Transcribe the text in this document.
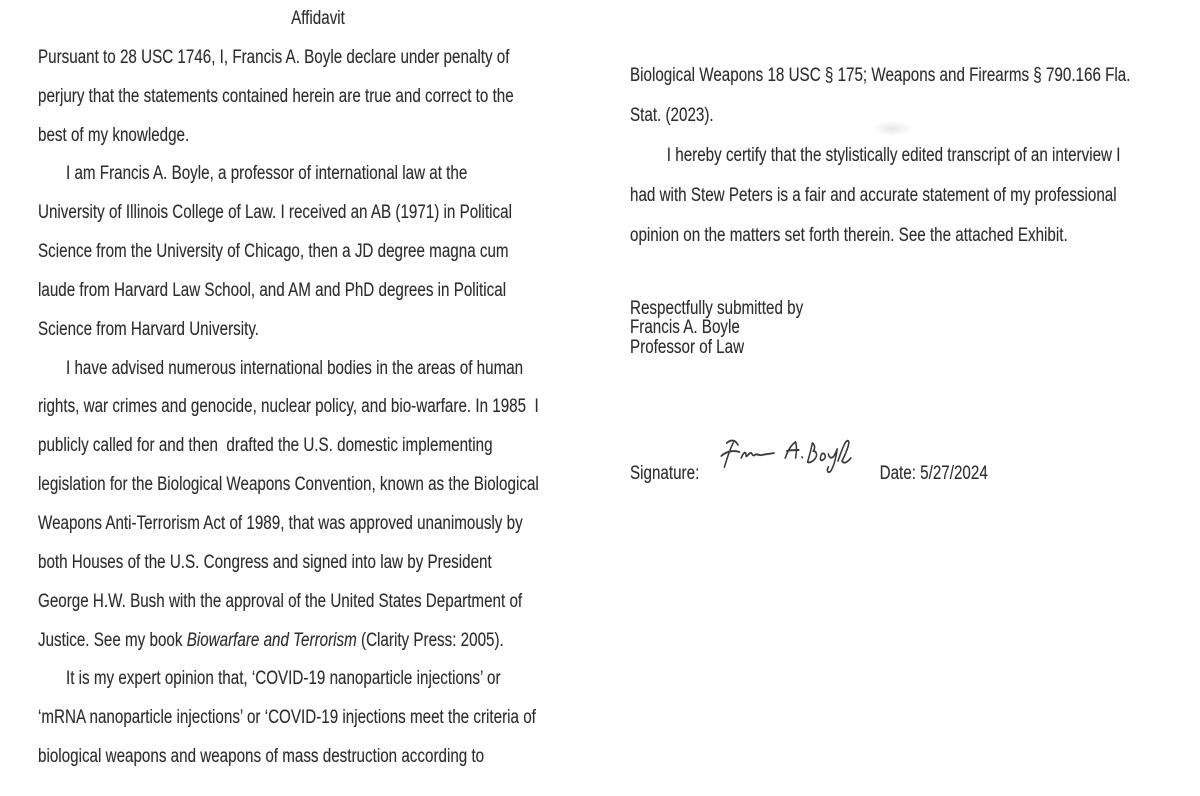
Affidavit
Pursuant to 28 USC 1746, I, Francis A. Boyle declare under penalty of
perjury that the statements contained herein are true and correct to the
best of my knowledge.
I am Francis A. Boyle, a professor of international law at the
University of Illinois College of Law. I received an AB (1971) in Political
Science from the University of Chicago, then a JD degree magna cum
laude from Harvard Law School, and AM and PhD degrees in Political
Science from Harvard University.
I have advised numerous international bodies in the areas of human
rights, war crimes and genocide, nuclear policy, and bio-warfare. In 1985  I
publicly called for and then  drafted the U.S. domestic implementing
legislation for the Biological Weapons Convention, known as the Biological
Weapons Anti-Terrorism Act of 1989, that was approved unanimously by
both Houses of the U.S. Congress and signed into law by President
George H.W. Bush with the approval of the United States Department of
Justice. See my book Biowarfare and Terrorism (Clarity Press: 2005).
It is my expert opinion that, ‘COVID-19 nanoparticle injections’ or
‘mRNA nanoparticle injections’ or ‘COVID-19 injections meet the criteria of
biological weapons and weapons of mass destruction according to
Biological Weapons 18 USC § 175; Weapons and Firearms § 790.166 Fla.
Stat. (2023).
I hereby certify that the stylistically edited transcript of an interview I
had with Stew Peters is a fair and accurate statement of my professional
opinion on the matters set forth therein. See the attached Exhibit.
Respectfully submitted by
Francis A. Boyle
Professor of Law
Signature:	Date: 5/27/2024
